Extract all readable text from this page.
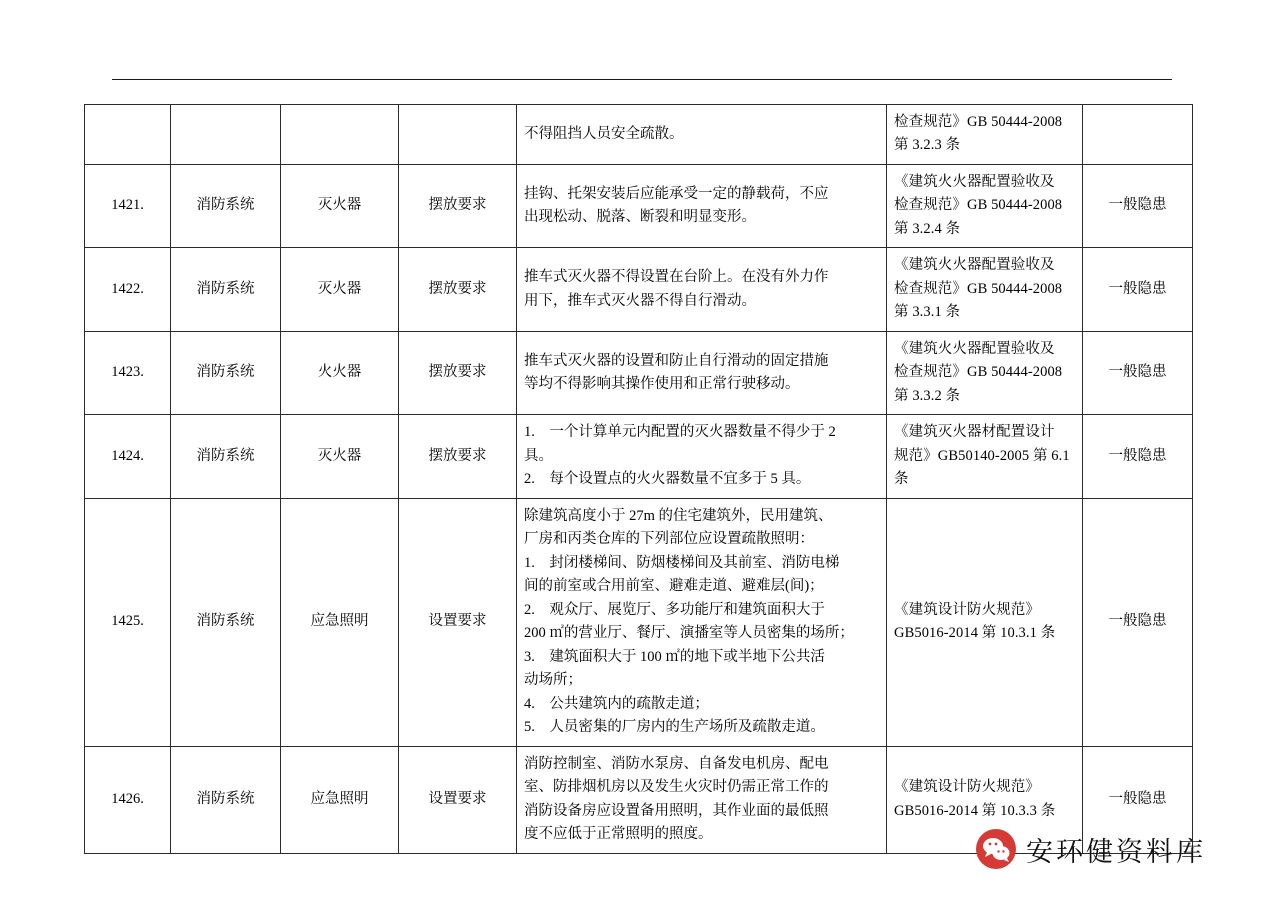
				不得阻挡人员安全疏散。	检查规范》GB 50444-2008
第 3.2.3 条	

1421.	消防系统	灭火器	摆放要求	
挂钩、托架安装后应能承受一定的静载荷，不应
出现松动、脱落、断裂和明显变形。

《建筑火火器配置验收及
检查规范》GB 50444-2008
第 3.2.4 条
	一般隐患
1422.	消防系统	灭火器	摆放要求	
推车式灭火器不得设置在台阶上。在没有外力作
用下，推车式灭火器不得自行滑动。

《建筑火火器配置验收及
检查规范》GB 50444-2008
第 3.3.1 条
	一般隐患
1423.	消防系统	火火器	摆放要求	
推车式灭火器的设置和防止自行滑动的固定措施
等均不得影响其操作使用和正常行驶移动。

《建筑火火器配置验收及
检查规范》GB 50444-2008
第 3.3.2 条
	一般隐患
1424.	消防系统	灭火器	摆放要求	
1.　一个计算单元内配置的灭火器数量不得少于 2
具。
2.　每个设置点的火火器数量不宜多于 5 具。

《建筑灭火器材配置设计
规范》GB50140-2005 第 6.1
条
	一般隐患
1425.	消防系统	应急照明	设置要求	
除建筑高度小于 27m 的住宅建筑外，民用建筑、
厂房和丙类仓库的下列部位应设置疏散照明：
1.　封闭楼梯间、防烟楼梯间及其前室、消防电梯
间的前室或合用前室、避难走道、避难层(间)；
2.　观众厅、展览厅、多功能厅和建筑面积大于
200 ㎡的营业厅、餐厅、演播室等人员密集的场所；
3.　建筑面积大于 100 ㎡的地下或半地下公共活
动场所；
4.　公共建筑内的疏散走道；
5.　人员密集的厂房内的生产场所及疏散走道。

《建筑设计防火规范》
GB5016-2014 第 10.3.1 条
	一般隐患
1426.	消防系统	应急照明	设置要求	
消防控制室、消防水泵房、自备发电机房、配电
室、防排烟机房以及发生火灾时仍需正常工作的
消防设备房应设置备用照明，其作业面的最低照
度不应低于正常照明的照度。

《建筑设计防火规范》
GB5016-2014 第 10.3.3 条
	一般隐患
安环健资料库
